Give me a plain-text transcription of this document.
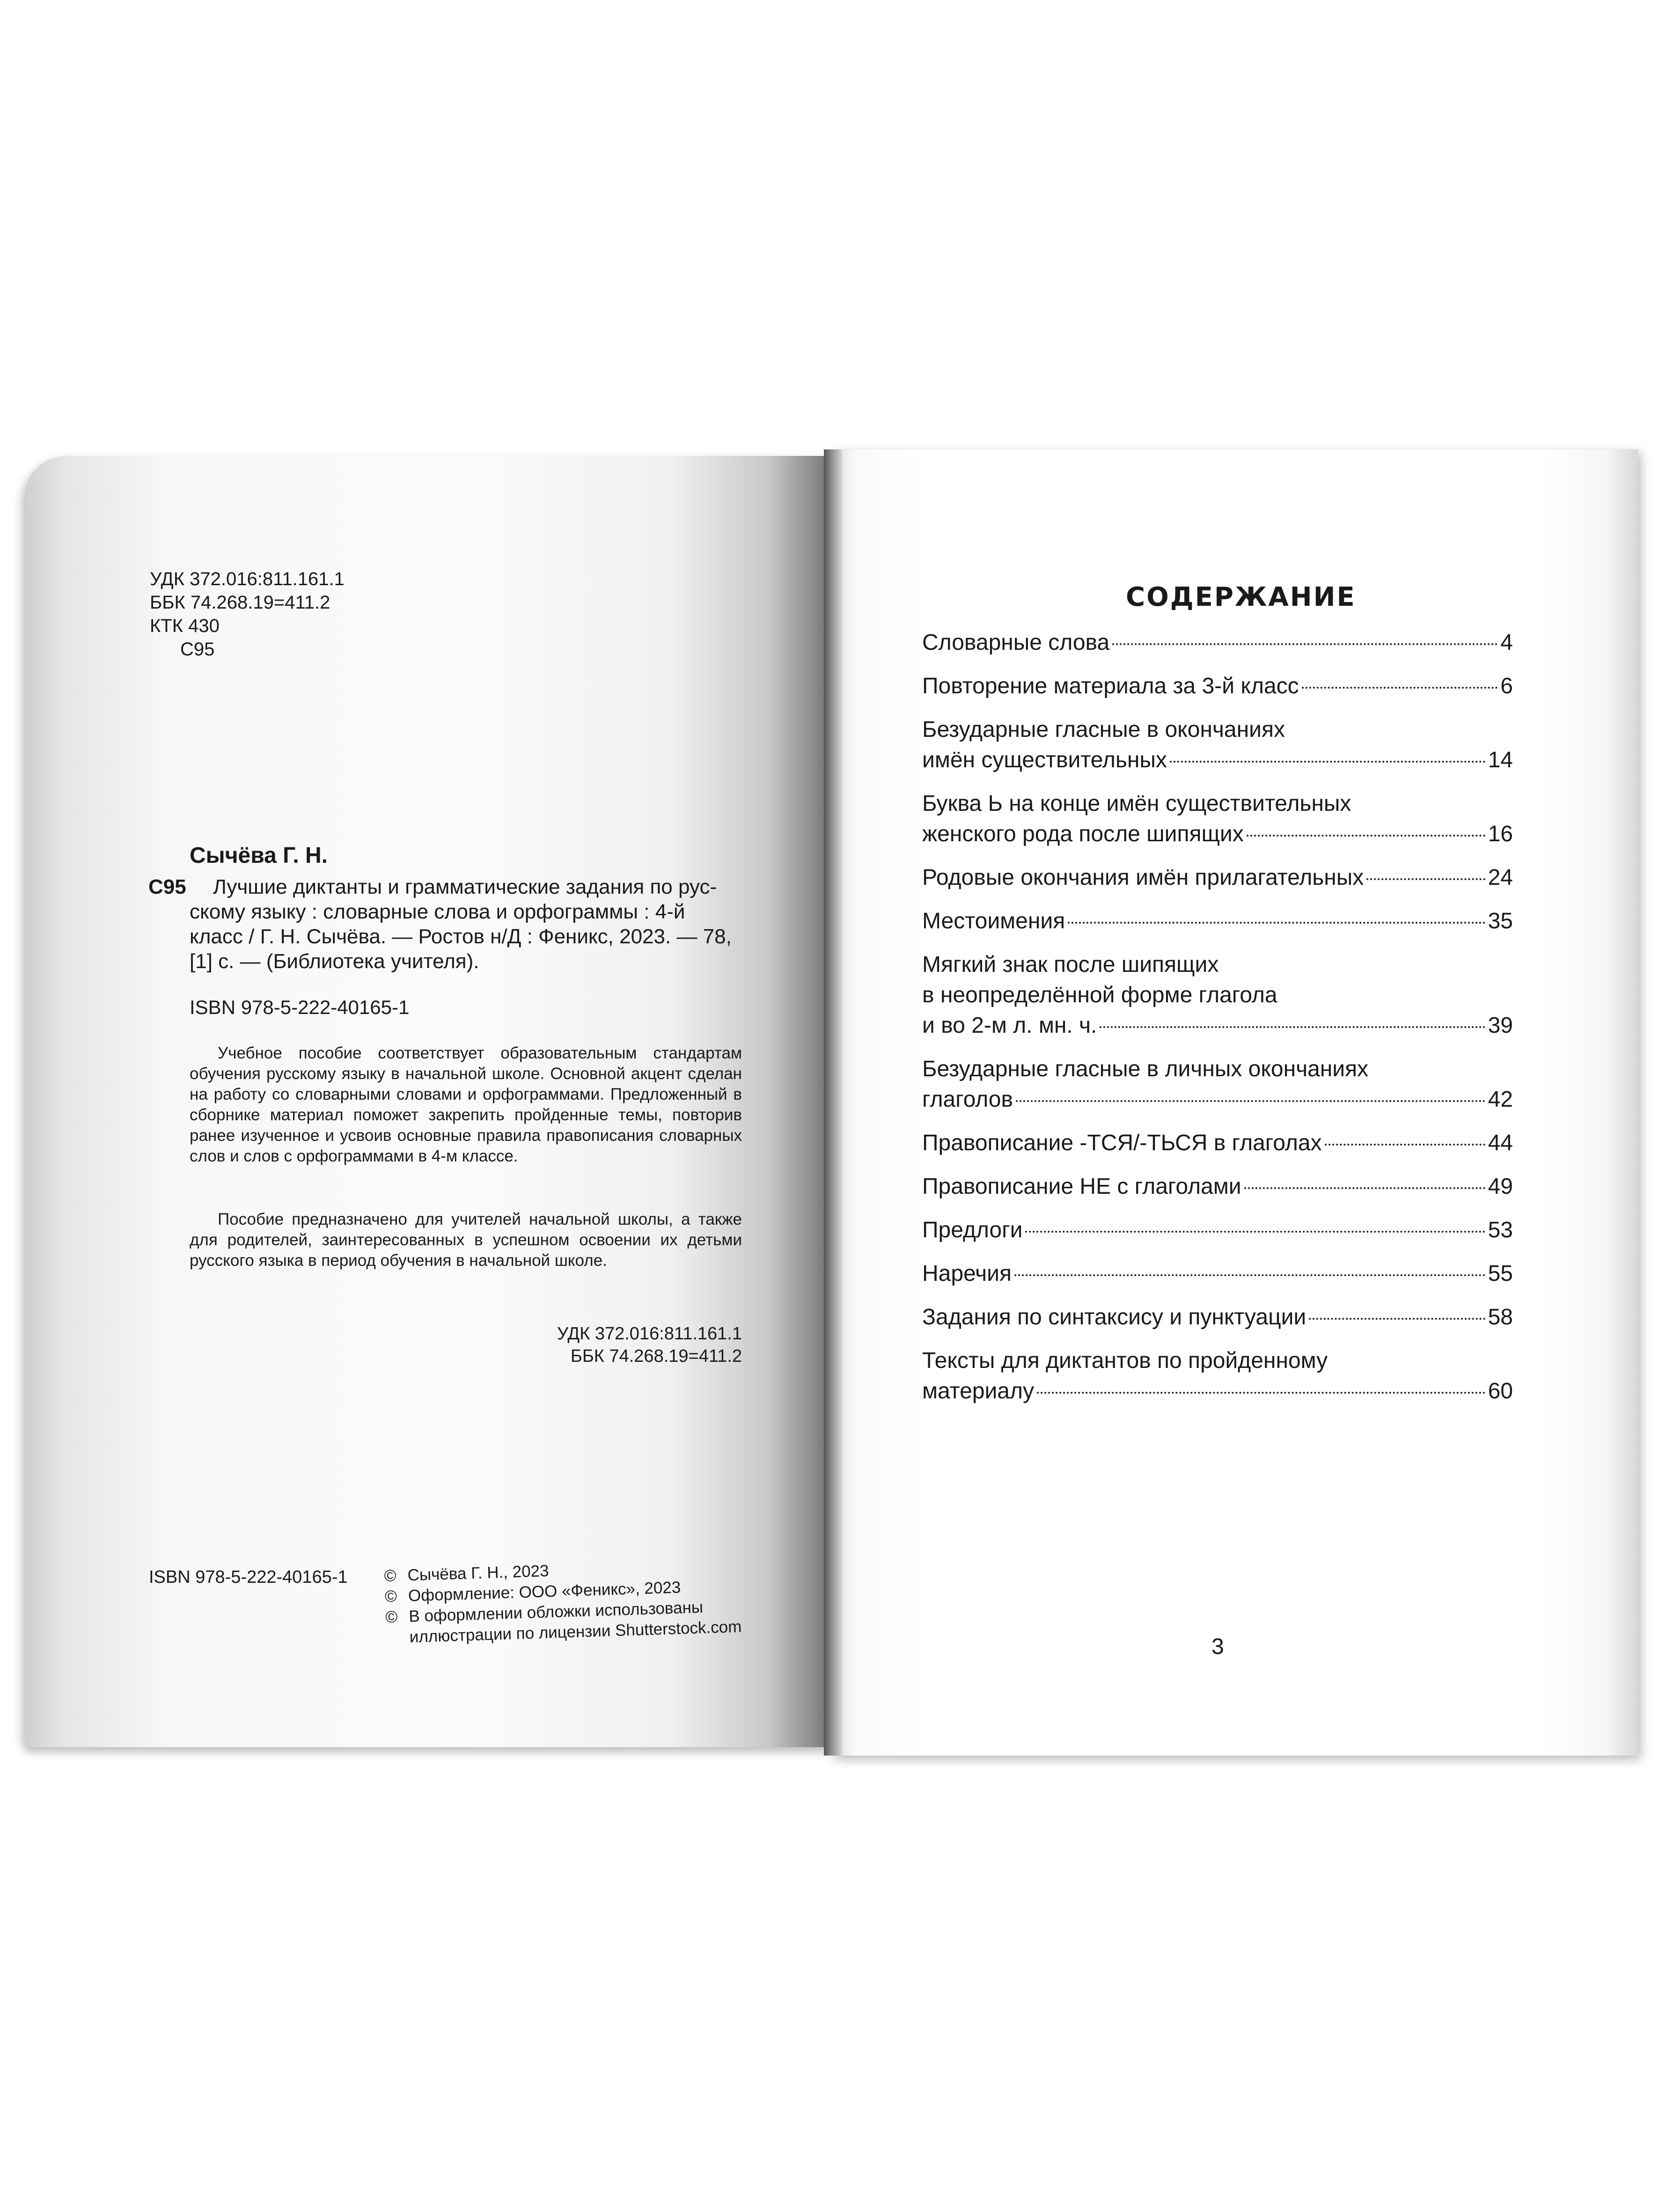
УДК 372.016:811.161.1
ББК 74.268.19=411.2
КТК 430
С95
Сычёва Г. Н.
С95 Лучшие диктанты и грамматические задания по рус-
скому языку : словарные слова и орфограммы : 4-й
класс / Г. Н. Сычёва. — Ростов н/Д : Феникс, 2023. — 78,
[1] с. — (Библиотека учителя).
ISBN 978-5-222-40165-1
Учебное пособие соответствует образовательным стандартам обучения русскому языку в начальной школе. Основной акцент сделан на работу со словарными словами и орфограммами. Предложенный в сборнике материал поможет закрепить пройденные темы, повторив ранее изученное и усвоив основные правила правописания словарных слов и слов с орфограммами в 4-м классе.
Пособие предназначено для учителей начальной школы, а также для родителей, заинтересованных в успешном освоении их детьми русского языка в период обучения в начальной школе.
УДК 372.016:811.161.1
ББК 74.268.19=411.2
ISBN 978-5-222-40165-1 © Сычёва Г. Н., 2023
© Оформление: ООО «Феникс», 2023
© В оформлении обложки использованы
иллюстрации по лицензии Shutterstock.com
СОДЕРЖАНИЕ
Словарные слова	4
Повторение материала за 3-й класс	6
Безударные гласные в окончаниях
имён существительных	14
Буква Ь на конце имён существительных
женского рода после шипящих	16
Родовые окончания имён прилагательных	24
Местоимения	35
Мягкий знак после шипящих
в неопределённой форме глагола
и во 2-м л. мн. ч.	39
Безударные гласные в личных окончаниях
глаголов	42
Правописание -ТСЯ/-ТЬСЯ в глаголах	44
Правописание НЕ с глаголами	49
Предлоги	53
Наречия	55
Задания по синтаксису и пунктуации	58
Тексты для диктантов по пройденному
материалу	60
3
